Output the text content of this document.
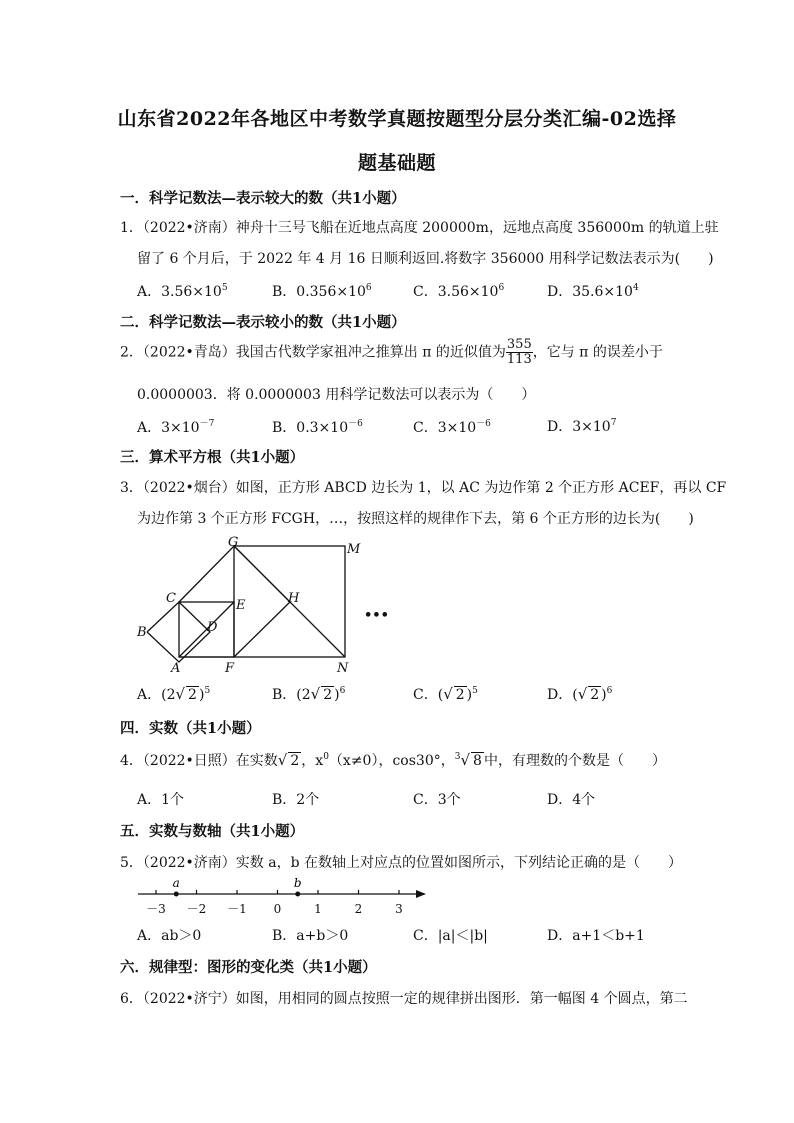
山东省2022年各地区中考数学真题按题型分层分类汇编-02选择
题基础题
一．科学记数法—表示较大的数（共1小题）
1．（2022•济南）神舟十三号飞船在近地点高度 200000m，远地点高度 356000m 的轨道上驻
留了 6 个月后，于 2022 年 4 月 16 日顺利返回.将数字 356000 用科学记数法表示为(　　)
A．$3.56\times 10^5$	B．$0.356\times 10^6$	C．$3.56\times 10^6$	D．$35.6\times 10^4$
二．科学记数法—表示较小的数（共1小题）
2．（2022•青岛）我国古代数学家祖冲之推算出 π 的近似值为 $\frac{355}{113}$ ，它与 π 的误差小于
0.0000003．将 0.0000003 用科学记数法可以表示为（　　）
A．$3\times 10^{-7}$	B．$0.3\times 10^{-6}$	C．$3\times 10^{-6}$	D．$3\times 10^7$
三．算术平方根（共1小题）
3．（2022•烟台）如图，正方形 ABCD 边长为 1，以 AC 为边作第 2 个正方形 ACEF，再以 CF
为边作第 3 个正方形 FCGH，…，按照这样的规律作下去，第 6 个正方形的边长为(　　)
G	M
C	E	H
B	D
A	F	N
•••
A．(2√ 2 )$^5$	B．(2√ 2 )$^6$	C．(√ 2 )$^5$	D．(√ 2 )$^6$
四．实数（共1小题）
4．（2022•日照）在实数√ 2 ，$x^0(x\ne 0)$，cos30°，$^3$√ 8 中，有理数的个数是（　　）
A．1个	B．2个	C．3个	D．4个
五．实数与数轴（共1小题）
5．（2022•济南）实数 a，b 在数轴上对应点的位置如图所示，下列结论正确的是（　　）
－3 －2 －1 0	1	2	3
a	b
A．ab＞0	B．a+b＞0	C．|a|＜|b|	D．a+1＜b+1
六．规律型：图形的变化类（共1小题）
6．（2022•济宁）如图，用相同的圆点按照一定的规律拼出图形．第一幅图 4 个圆点，第二
